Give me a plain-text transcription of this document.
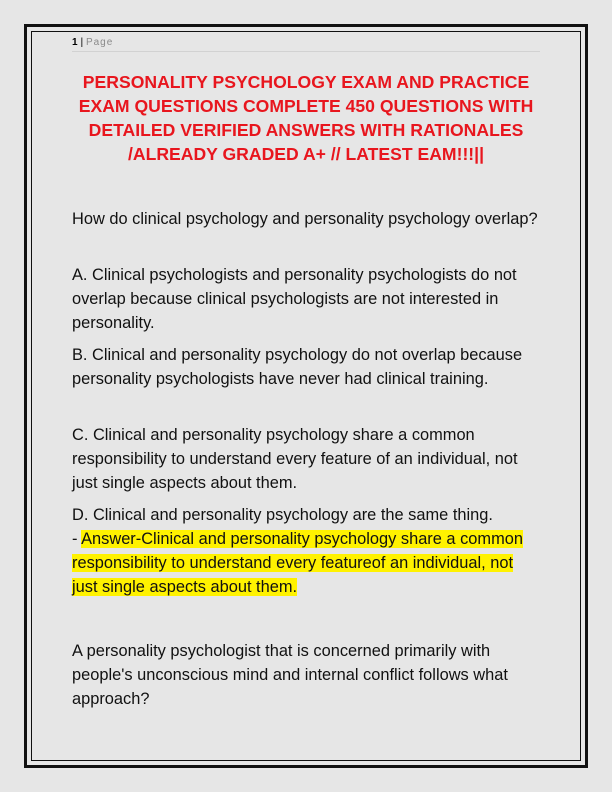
1 | Page
PERSONALITY PSYCHOLOGY EXAM AND PRACTICE EXAM QUESTIONS COMPLETE 450 QUESTIONS WITH DETAILED VERIFIED ANSWERS WITH RATIONALES /ALREADY GRADED A+ // LATEST EAM!!!||

How do clinical psychology and personality psychology overlap?

A. Clinical psychologists and personality psychologists do not overlap because clinical psychologists are not interested in personality.

B. Clinical and personality psychology do not overlap because personality psychologists have never had clinical training.

C. Clinical and personality psychology share a common responsibility to understand every feature of an individual, not just single aspects about them.

D. Clinical and personality psychology are the same thing.
- Answer-Clinical and personality psychology share a common responsibility to understand every featureof an individual, not just single aspects about them.

A personality psychologist that is concerned primarily with people's unconscious mind and internal conflict follows what approach?
